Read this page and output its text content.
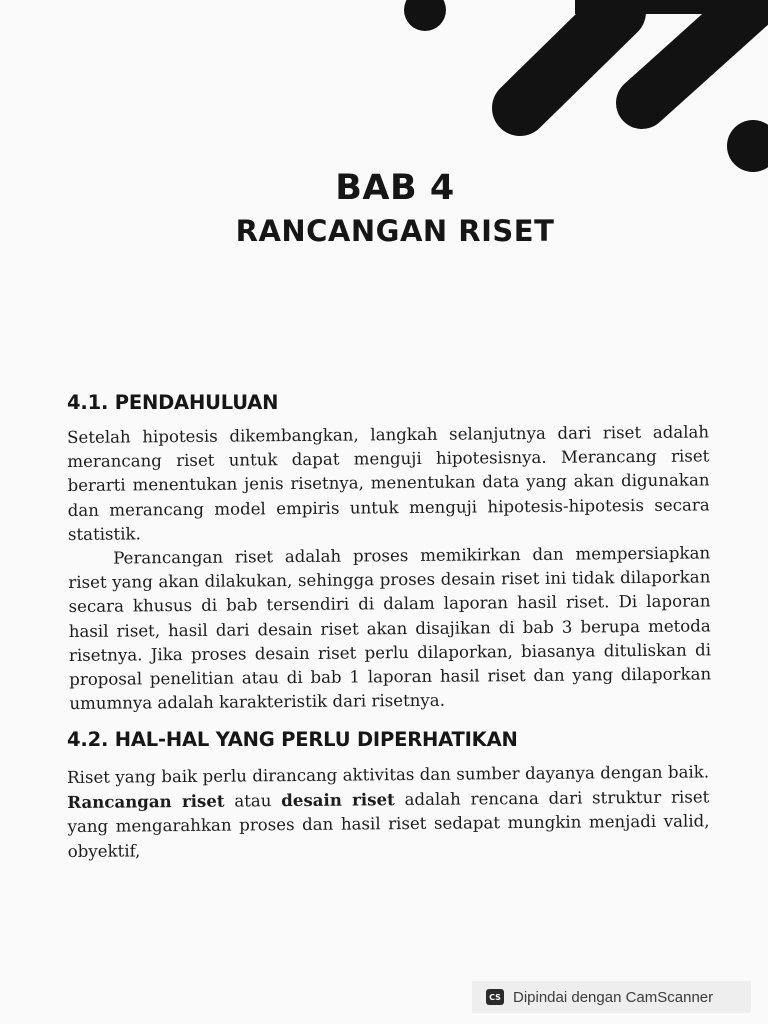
BAB 4
RANCANGAN RISET
4.1. PENDAHULUAN

Setelah hipotesis dikembangkan, langkah selanjutnya dari riset adalah merancang riset untuk dapat menguji hipotesisnya. Merancang riset berarti menentukan jenis risetnya, menentukan data yang akan digunakan dan merancang model empiris untuk menguji hipotesis-hipotesis secara statistik.

Perancangan riset adalah proses memikirkan dan mempersiapkan riset yang akan dilakukan, sehingga proses desain riset ini tidak dilaporkan secara khusus di bab tersendiri di dalam laporan hasil riset. Di laporan hasil riset, hasil dari desain riset akan disajikan di bab 3 berupa metoda risetnya. Jika proses desain riset perlu dilaporkan, biasanya dituliskan di proposal penelitian atau di bab 1 laporan hasil riset dan yang dilaporkan umumnya adalah karakteristik dari risetnya.

4.2. HAL-HAL YANG PERLU DIPERHATIKAN

Riset yang baik perlu dirancang aktivitas dan sumber dayanya dengan baik. Rancangan riset atau desain riset adalah rencana dari struktur riset yang mengarahkan proses dan hasil riset sedapat mungkin menjadi valid, obyektif,

CS Dipindai dengan CamScanner
